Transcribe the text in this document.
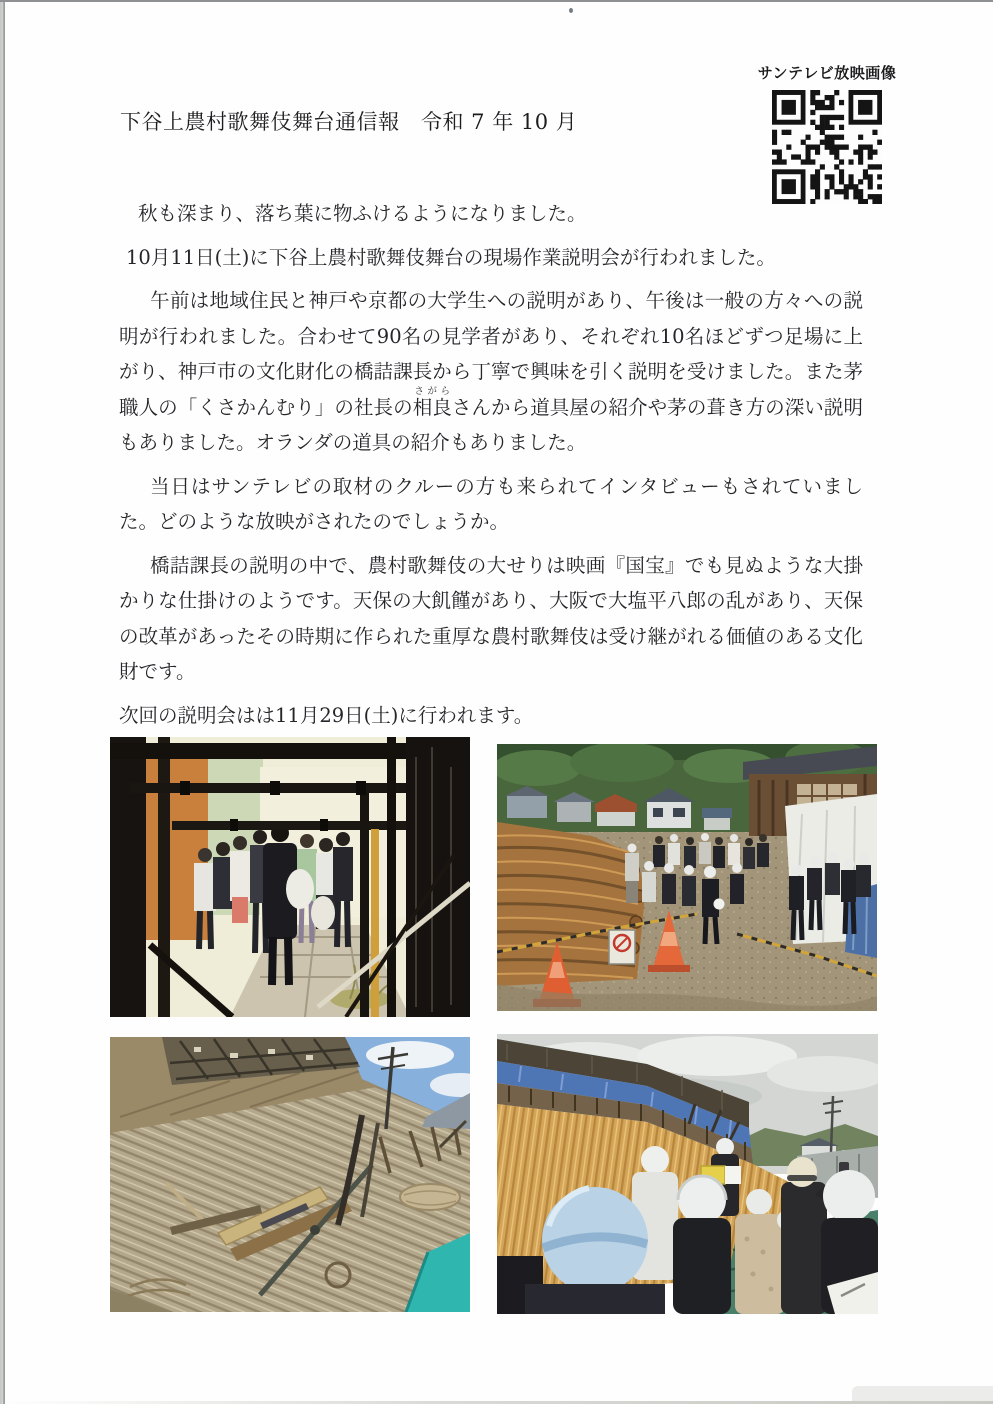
下谷上農村歌舞伎舞台通信報　令和 7 年 10 月
サンテレビ放映画像

秋も深まり、落ち葉に物ふけるようになりました。

10月11日(土)に下谷上農村歌舞伎舞台の現場作業説明会が行われました。

午前は地域住民と神戸や京都の大学生への説明があり、午後は一般の方々への説明が行われました。合わせて90名の見学者があり、それぞれ10名ほどずつ足場に上がり、神戸市の文化財化の橋詰課長から丁寧で興味を引く説明を受けました。また茅職人の「くさかんむり」の社長の相良さがらさんから道具屋の紹介や茅の葺き方の深い説明もありました。オランダの道具の紹介もありました。

当日はサンテレビの取材のクルーの方も来られてインタビューもされていました。どのような放映がされたのでしょうか。

橋詰課長の説明の中で、農村歌舞伎の大せりは映画『国宝』でも見ぬような大掛かりな仕掛けのようです。天保の大飢饉があり、大阪で大塩平八郎の乱があり、天保の改革があったその時期に作られた重厚な農村歌舞伎は受け継がれる価値のある文化財です。

次回の説明会はは11月29日(土)に行われます。
